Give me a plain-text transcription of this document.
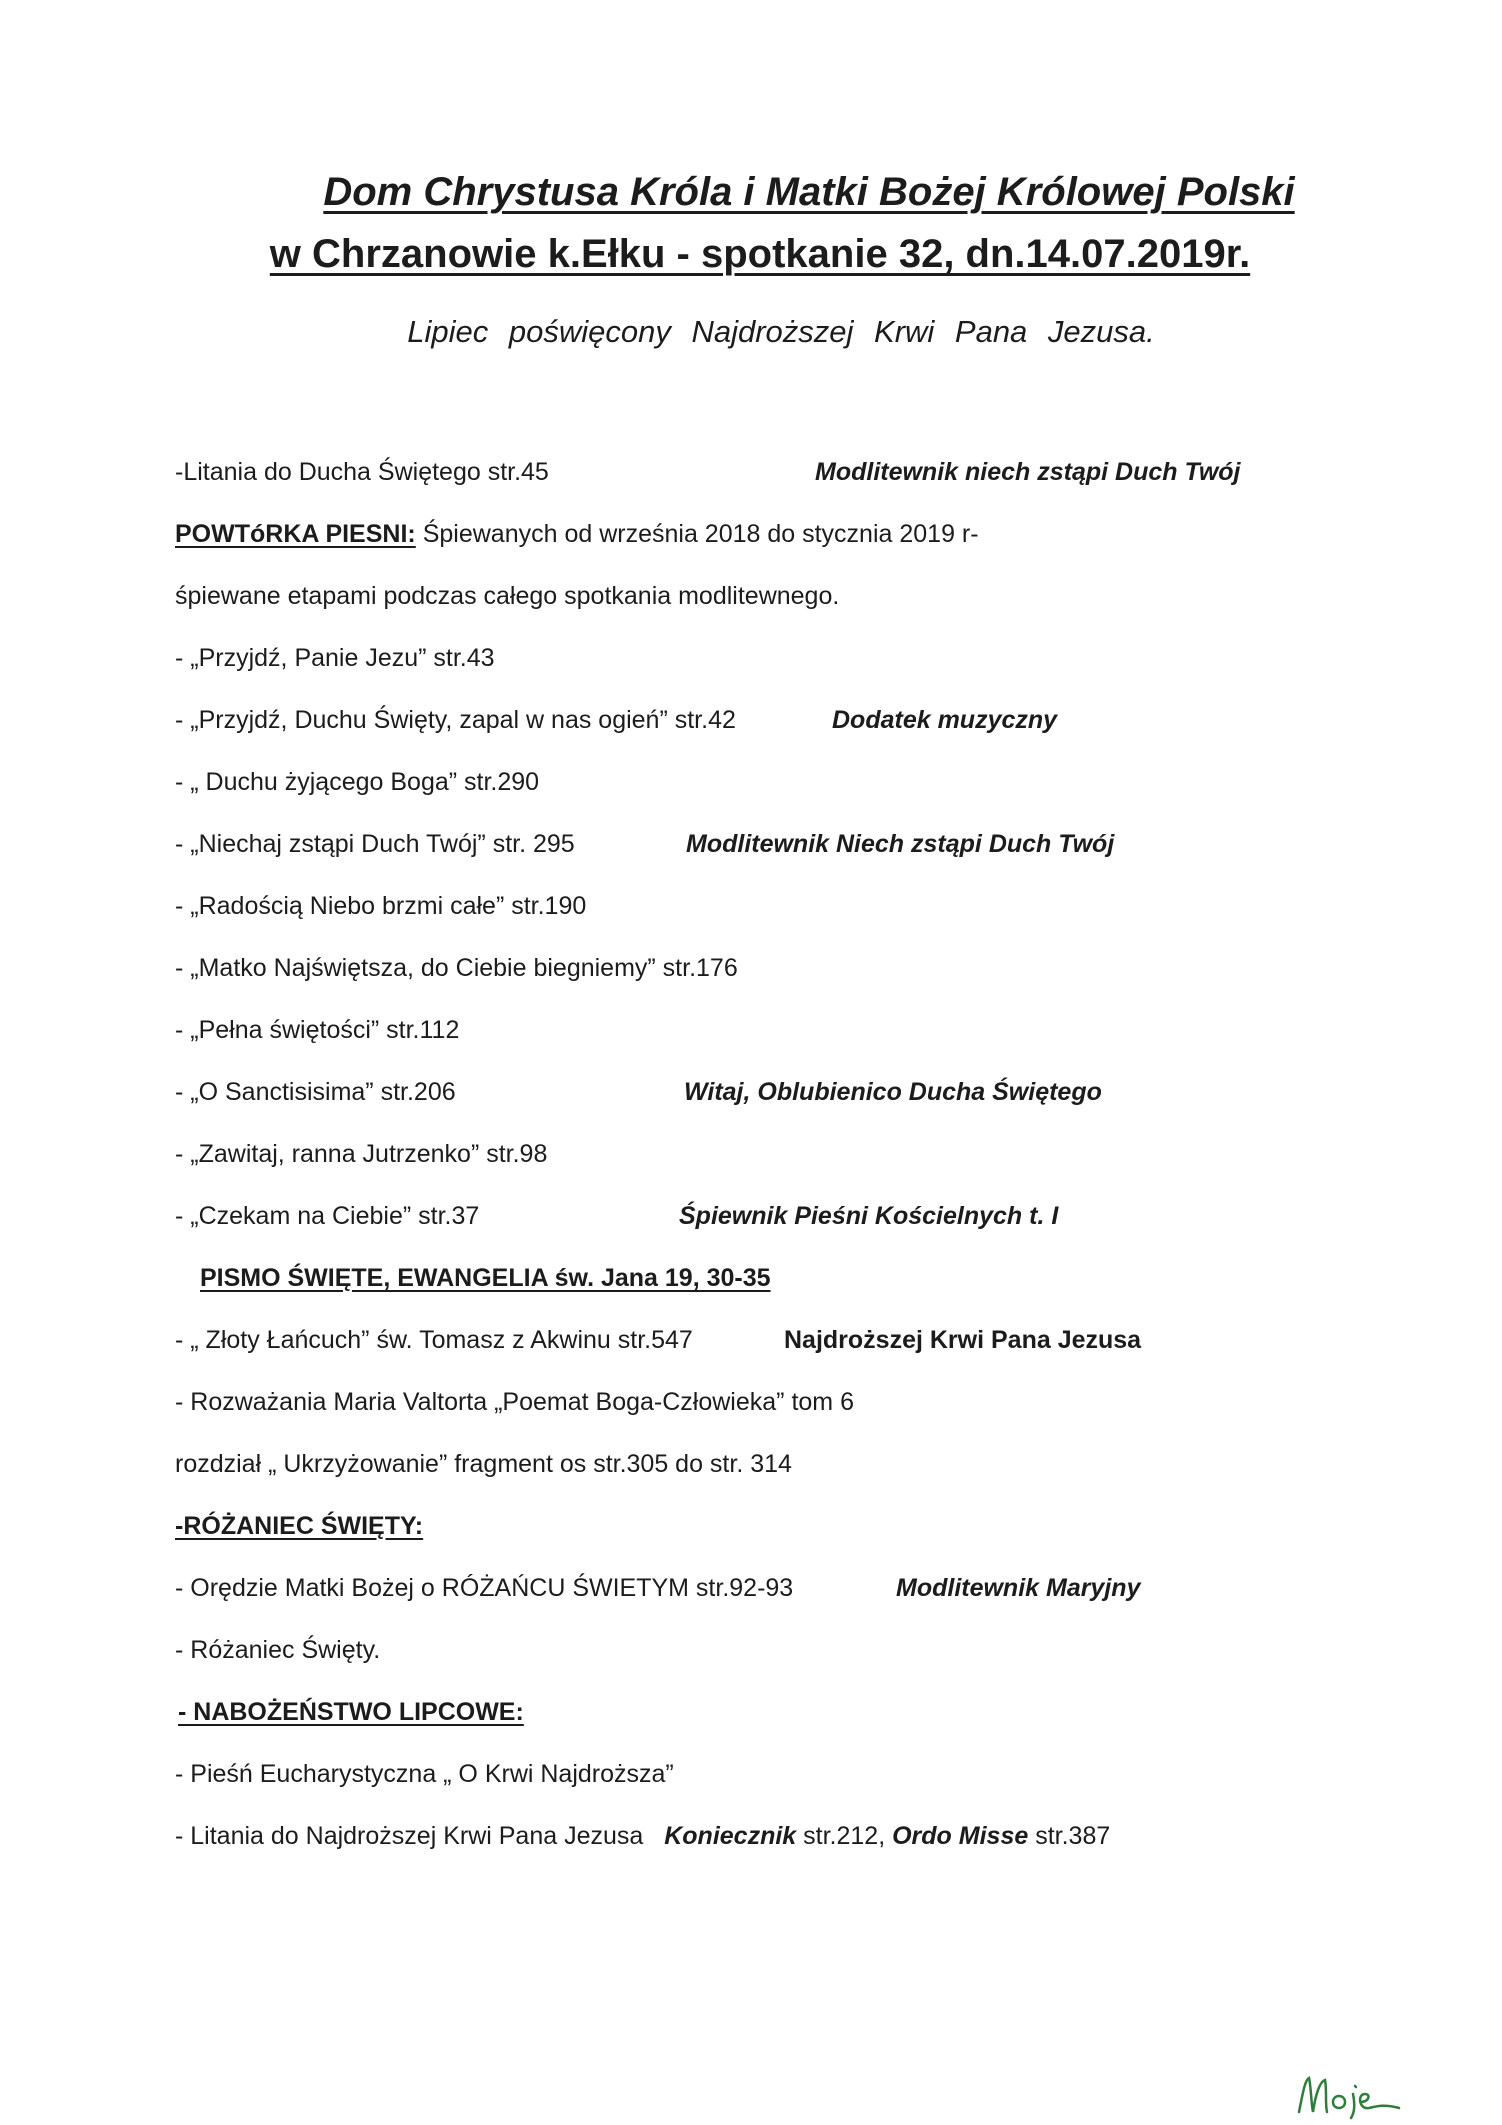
Dom Chrystusa Króla i Matki Bożej Królowej Polski
w Chrzanowie k.Ełku - spotkanie 32, dn.14.07.2019r.
Lipiec poświęcony Najdroższej Krwi Pana Jezusa.
-Litania do Ducha Świętego str.45	Modlitewnik niech zstąpi Duch Twój
POWTóRKA PIESNI: Śpiewanych od września 2018 do stycznia 2019 r-
śpiewane etapami podczas całego spotkania modlitewnego.
- „Przyjdź, Panie Jezu” str.43
- „Przyjdź, Duchu Święty, zapal w nas ogień” str.42	Dodatek muzyczny
- „ Duchu żyjącego Boga” str.290
- „Niechaj zstąpi Duch Twój” str. 295	Modlitewnik Niech zstąpi Duch Twój
- „Radością Niebo brzmi całe” str.190
- „Matko Najświętsza, do Ciebie biegniemy” str.176
- „Pełna świętości” str.112
- „O Sanctisisima” str.206	Witaj, Oblubienico Ducha Świętego
- „Zawitaj, ranna Jutrzenko” str.98
- „Czekam na Ciebie” str.37	Śpiewnik Pieśni Kościelnych t. I
PISMO ŚWIĘTE, EWANGELIA św. Jana 19, 30-35
- „ Złoty Łańcuch” św. Tomasz z Akwinu str.547	Najdroższej Krwi Pana Jezusa
- Rozważania Maria Valtorta „Poemat Boga-Człowieka” tom 6
rozdział „ Ukrzyżowanie” fragment os str.305 do str. 314
-RÓŻANIEC ŚWIĘTY:
- Orędzie Matki Bożej o RÓŻAŃCU ŚWIETYM str.92-93	Modlitewnik Maryjny
- Różaniec Święty.
- NABOŻEŃSTWO LIPCOWE:
- Pieśń Eucharystyczna „ O Krwi Najdroższa”
- Litania do Najdroższej Krwi Pana Jezusa Koniecznik str.212, Ordo Misse str.387
